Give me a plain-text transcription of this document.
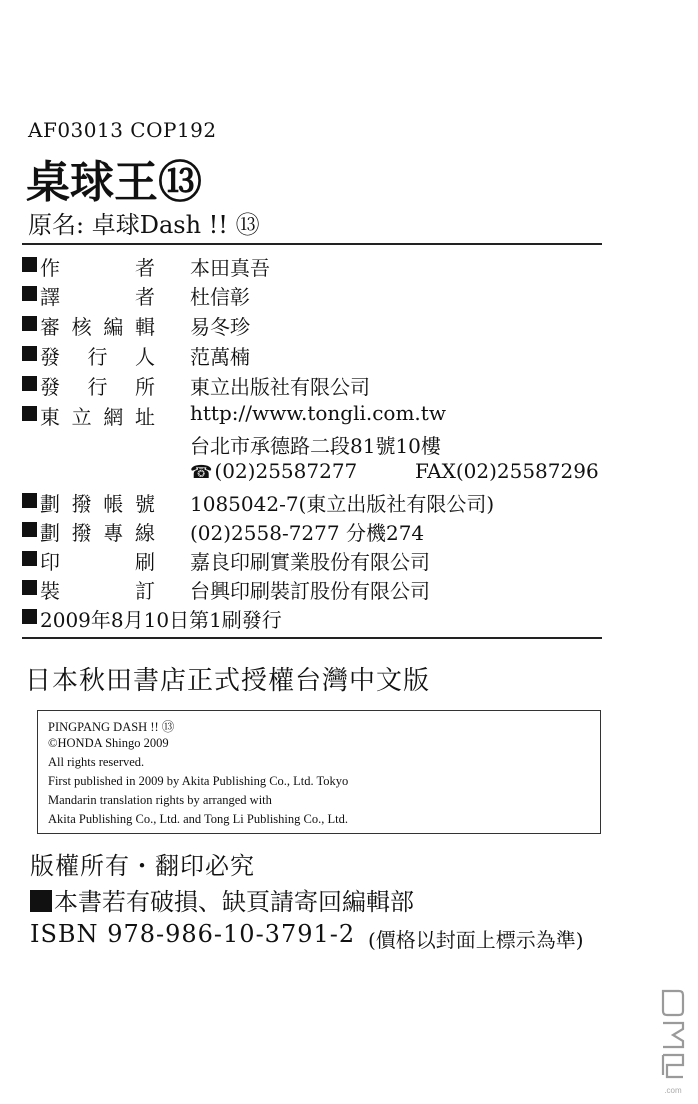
AF03013 COP192
桌球王⑬
原名: 卓球Dash !! ⑬
作　者 本田真吾
譯　者 杜信彰
審核編輯 易冬珍
發行人 范萬楠
發行所 東立出版社有限公司
東立網址 http://www.tongli.com.tw
台北市承德路二段81號10樓
☎ (02)25587277	FAX(02)25587296
劃撥帳號 1085042-7(東立出版社有限公司)
劃撥專線 (02)2558-7277 分機274
印　刷 嘉良印刷實業股份有限公司
裝　訂 台興印刷裝訂股份有限公司
2009年8月10日第1刷發行
日本秋田書店正式授權台灣中文版
PINGPANG DASH !! ⑬
©HONDA Shingo 2009
All rights reserved.
First published in 2009 by Akita Publishing Co., Ltd. Tokyo
Mandarin translation rights by arranged with
Akita Publishing Co., Ltd. and Tong Li Publishing Co., Ltd.
版權所有・翻印必究
本書若有破損、缺頁請寄回編輯部
ISBN 978-986-10-3791-2 (價格以封面上標示為準)
.com
